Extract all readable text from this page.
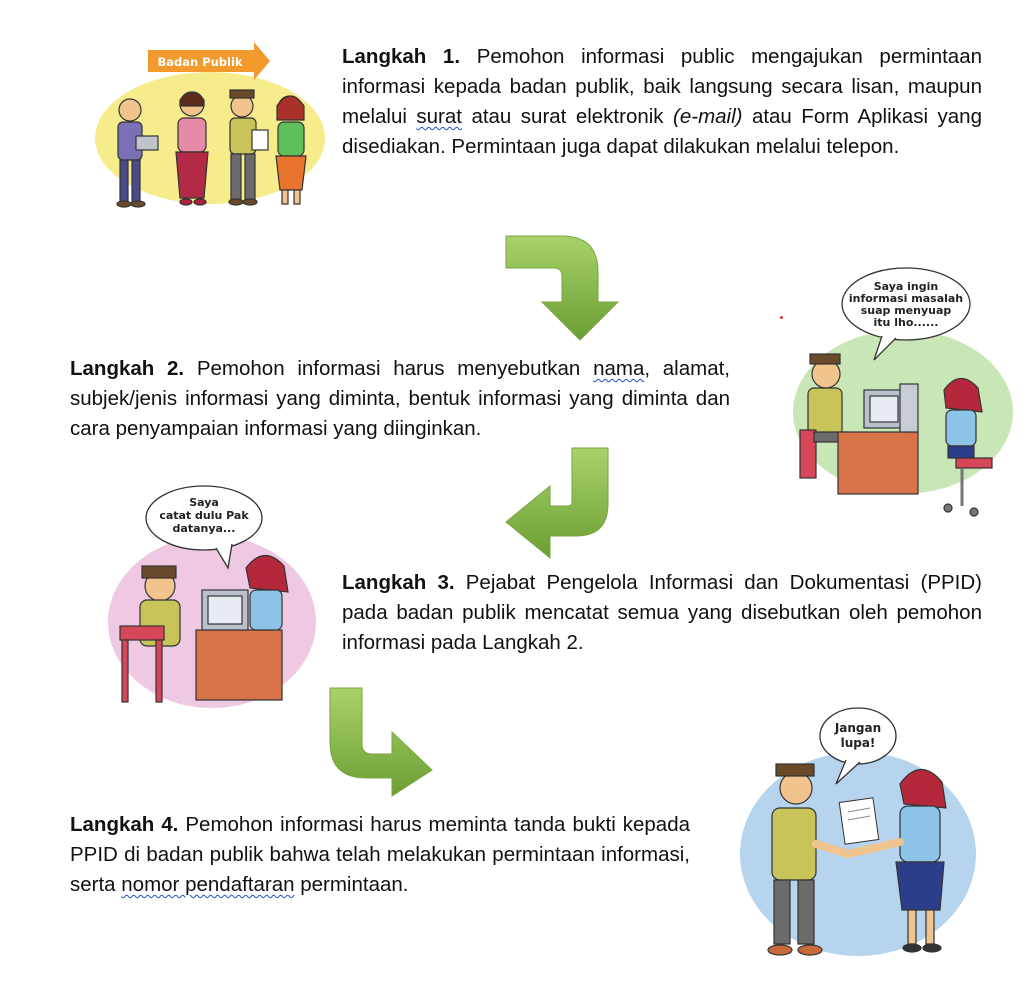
Badan Publik	Langkah 1. Pemohon informasi public mengajukan permintaan informasi kepada badan publik, baik langsung secara lisan, maupun melalui surat atau surat elektronik (e-mail) atau Form Aplikasi yang disediakan. Permintaan juga dapat dilakukan melalui telepon.

Langkah 2. Pemohon informasi harus menyebutkan nama, alamat, subjek/jenis informasi yang diminta, bentuk informasi yang diminta dan cara penyampaian informasi yang diinginkan.

Saya ingin
informasi masalah
suap menyuap
itu lho......
Saya
catat dulu Pak
datanya...

Langkah 3. Pejabat Pengelola Informasi dan Dokumentasi (PPID) pada badan publik mencatat semua yang disebutkan oleh pemohon informasi pada Langkah 2.

Langkah 4. Pemohon informasi harus meminta tanda bukti kepada PPID di badan publik bahwa telah melakukan permintaan informasi, serta nomor pendaftaran permintaan.

Jangan
lupa!
